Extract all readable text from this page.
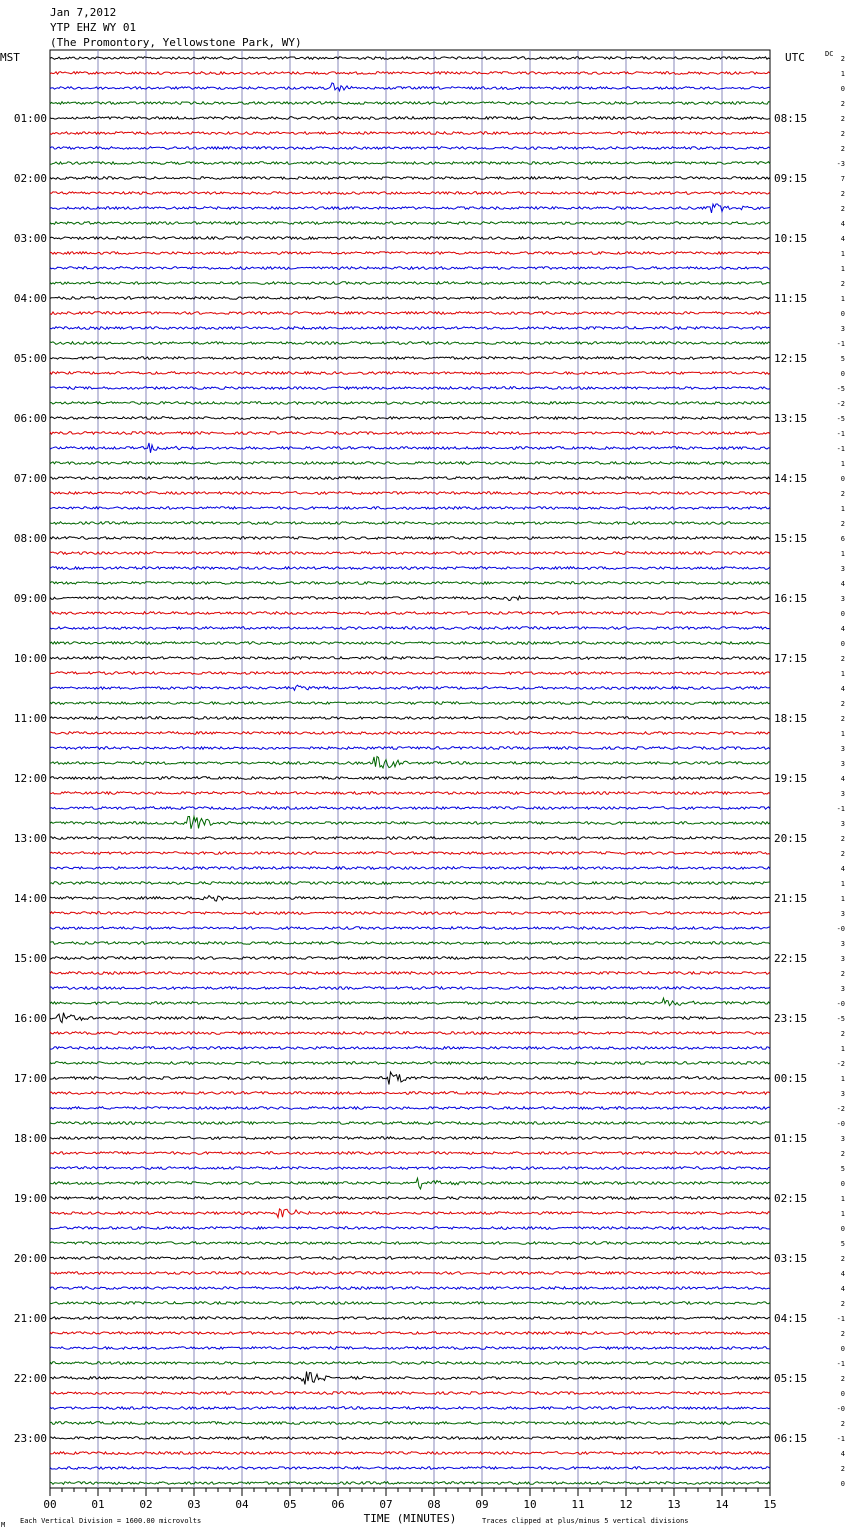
Jan 7,2012
YTP EHZ WY 01
(The Promontory, Yellowstone Park, WY)
MST	UTC	DC
01:00
02:00
03:00
04:00
05:00
06:00
07:00
08:00
09:00
10:00
11:00
12:00
13:00
14:00
15:00
16:00
17:00
18:00
19:00
20:00
21:00
22:00
23:00
08:15
09:15
10:15
11:15
12:15
13:15
14:15
15:15
16:15
17:15
18:15
19:15
20:15
21:15
22:15
23:15
00:15
01:15
02:15
03:15
04:15
05:15
06:15
2
1
0
2
2
2
2
-3
7
2
2
4
4
1
1
2
1
0
3
-1
5
0
-5
-2
-5
-1
-1
1
0
2
1
2
6
1
3
4
3
0
4
0
2
1
4
2
2
1
3
3
4
3
-1
3
2
2
4
1
1
3
-0
3
3
2
3
-0
-5
2
1
-2
1
3
-2
-0
3
2
5
0
1
1
0
5
2
4
4
2
-1
2
0
-1
2
0
-0
2
-1
4
2
0
00	01	02	03	04	05	06	07	08	09	10	11	12	13	14	15
TIME (MINUTES)
Each Vertical Division = 1600.00 microvolts	Traces clipped at plus/minus 5 vertical divisions
M
